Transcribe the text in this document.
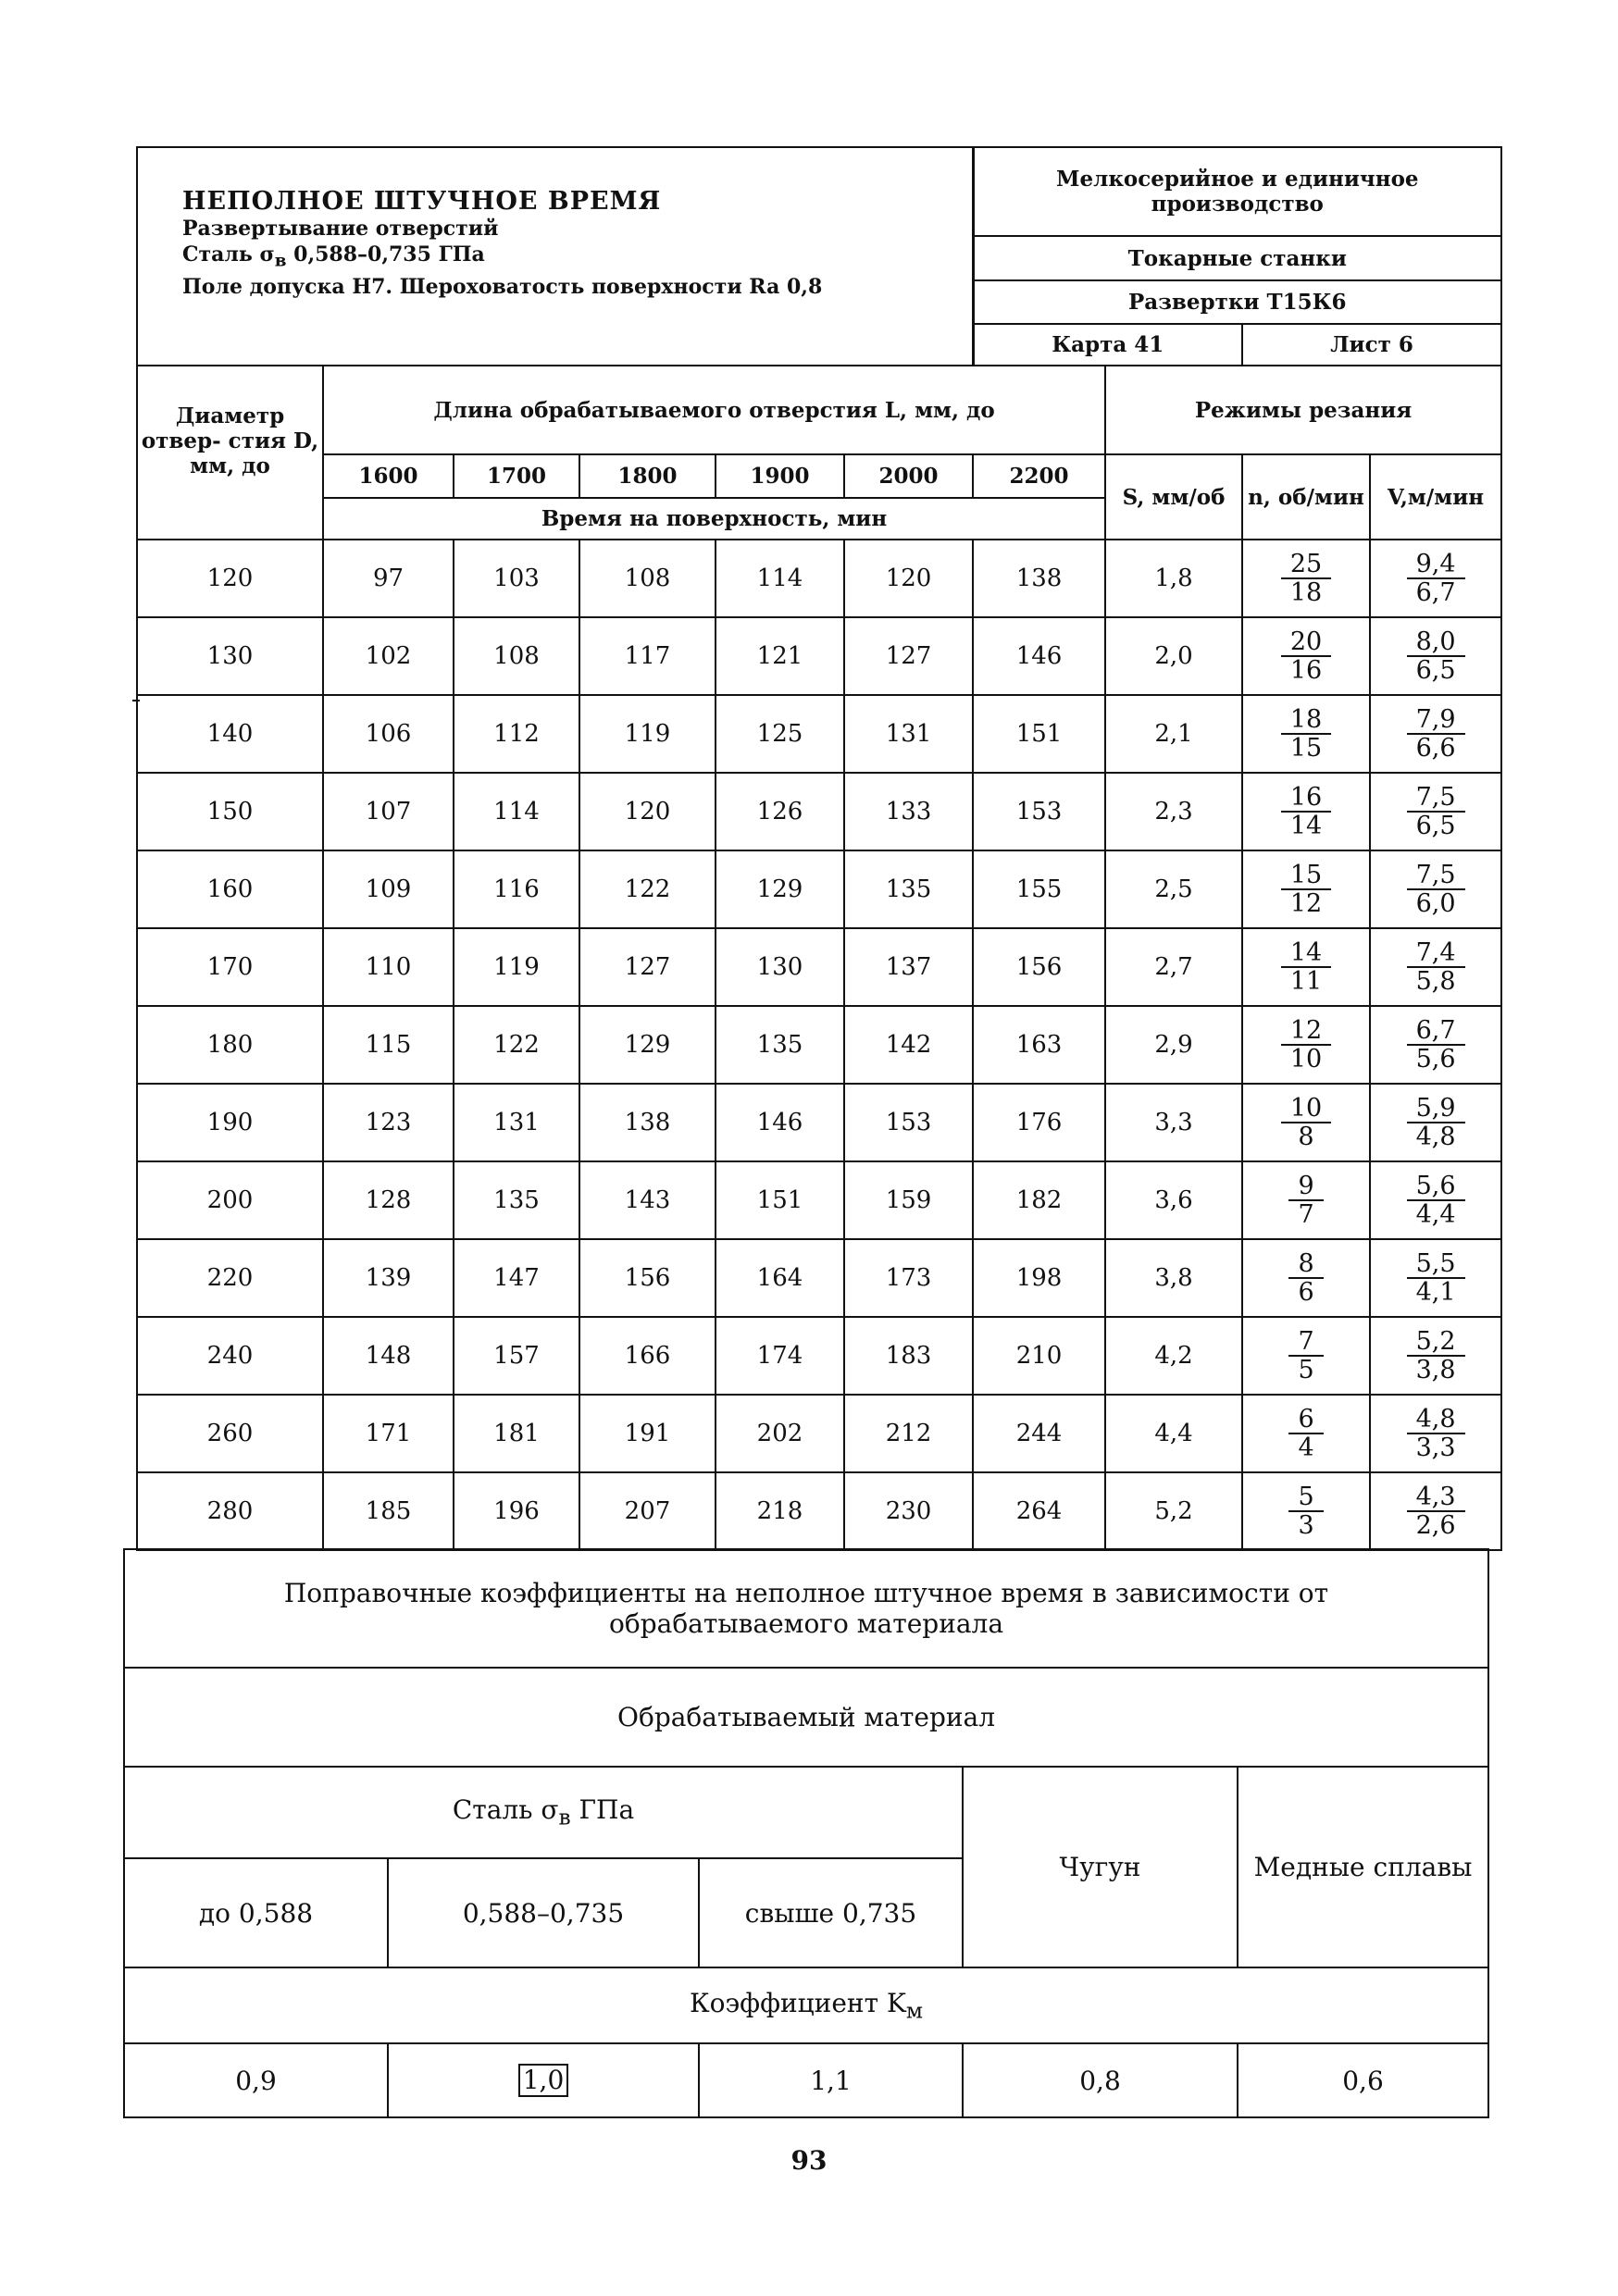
НЕПОЛНОЕ ШТУЧНОЕ ВРЕМЯ
Развертывание отверстий
Сталь $\sigma_в$ 0,588–0,735 ГПа
Поле допуска H7. Шероховатость поверхности Ra 0,8						Мелкосерийное и единичное производство			
						Токарные станки			
						Развертки Т15К6			
						Карта 41		Лист 6	
Диаметр отвер- стия D, мм, до	Длина обрабатываемого отверстия L, мм, до						Режимы резания		
	1600	1700	1800	1900	2000	2200	S, мм/об	n, об/мин	V,м/мин
	Время на поверхность, мин								
120	97	103	108	114	120	138	1,8	$\frac{25}{18}$	$\frac{9,4}{6,7}$

130	102	108	117	121	127	146	2,0	$\frac{20}{16}$	$\frac{8,0}{6,5}$

140	106	112	119	125	131	151	2,1	$\frac{18}{15}$	$\frac{7,9}{6,6}$

150	107	114	120	126	133	153	2,3	$\frac{16}{14}$	$\frac{7,5}{6,5}$

160	109	116	122	129	135	155	2,5	$\frac{15}{12}$	$\frac{7,5}{6,0}$

170	110	119	127	130	137	156	2,7	$\frac{14}{11}$	$\frac{7,4}{5,8}$

180	115	122	129	135	142	163	2,9	$\frac{12}{10}$	$\frac{6,7}{5,6}$

190	123	131	138	146	153	176	3,3	$\frac{10}{8}$	$\frac{5,9}{4,8}$

200	128	135	143	151	159	182	3,6	$\frac{9}{7}$	$\frac{5,6}{4,4}$

220	139	147	156	164	173	198	3,8	$\frac{8}{6}$	$\frac{5,5}{4,1}$

240	148	157	166	174	183	210	4,2	$\frac{7}{5}$	$\frac{5,2}{3,8}$

260	171	181	191	202	212	244	4,4	$\frac{6}{4}$	$\frac{4,8}{3,3}$

280	185	196	207	218	230	264	5,2	$\frac{5}{3}$	$\frac{4,3}{2,6}$
Поправочные коэффициенты на неполное штучное время в зависимости от обрабатываемого материала				
Обрабатываемый материал				
Сталь $\sigma_в$ ГПа			Чугун	Медные сплавы
до 0,588	0,588–0,735	свыше 0,735		
Коэффициент $K_м$
0,9	1,0	1,1	0,8	0,6
93
